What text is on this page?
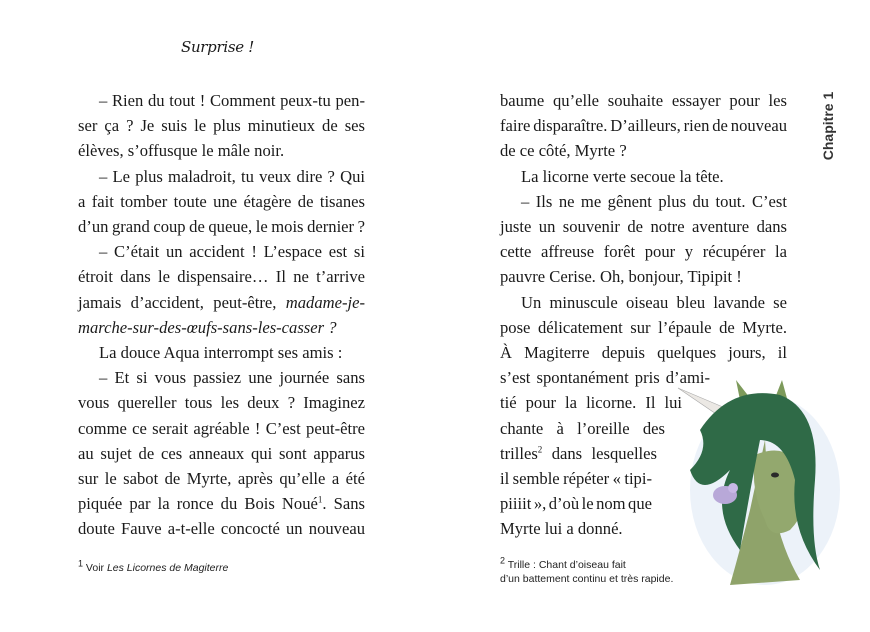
Surprise !
– Rien du tout ! Comment peux-tu pen-
ser ça ? Je suis le plus minutieux de ses
élèves, s’offusque le mâle noir.
– Le plus maladroit, tu veux dire ? Qui
a fait tomber toute une étagère de tisanes
d’un grand coup de queue, le mois dernier ?
– C’était un accident ! L’espace est si
étroit dans le dispensaire… Il ne t’arrive
jamais d’accident, peut-être, madame-je-
marche-sur-des-œufs-sans-les-casser ?
La douce Aqua interrompt ses amis :
– Et si vous passiez une journée sans
vous quereller tous les deux ? Imaginez
comme ce serait agréable ! C’est peut-être
au sujet de ces anneaux qui sont apparus
sur le sabot de Myrte, après qu’elle a été
piquée par la ronce du Bois Noué$^1$. Sans
doute Fauve a-t-elle concocté un nouveau
baume qu’elle souhaite essayer pour les
faire disparaître. D’ailleurs, rien de nouveau
de ce côté, Myrte ?
La licorne verte secoue la tête.
– Ils ne me gênent plus du tout. C’est
juste un souvenir de notre aventure dans
cette affreuse forêt pour y récupérer la
pauvre Cerise. Oh, bonjour, Tipipit !
Un minuscule oiseau bleu lavande se
pose délicatement sur l’épaule de Myrte.
À Magiterre depuis quelques jours, il
s’est spontanément pris d’ami-
tié pour la licorne. Il lui
chante à l’oreille des
trilles$^2$ dans lesquelles
il semble répéter « tipi-
piiiit », d’où le nom que
Myrte lui a donné.
$^1$ Voir Les Licornes de Magiterre
$^2$ Trille : Chant d’oiseau fait
d’un battement continu et très rapide.
Chapitre 1
